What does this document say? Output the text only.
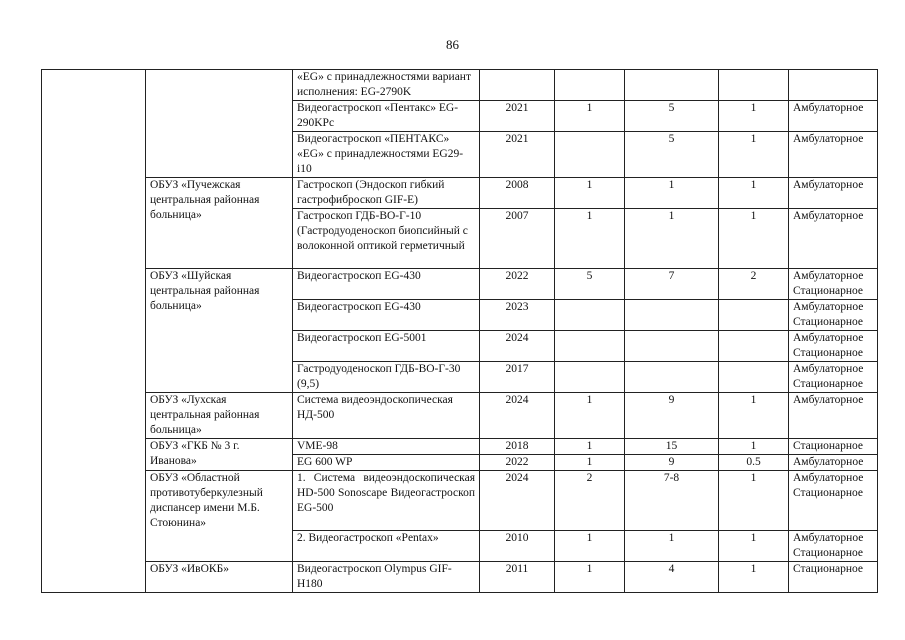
86
		«EG» с принадлежностями вариант исполнения: EG-2790K					
		Видеогастроскоп «Пентакс» EG-290KPc	2021	1	5	1	Амбулаторное
		Видеогастроскоп «ПЕНТАКС» «EG» с принадлежностями EG29-i10	2021		5	1	Амбулаторное
	ОБУЗ «Пучежская центральная районная больница»	Гастроскоп (Эндоскоп гибкий гастрофиброскоп GIF-E)	2008	1	1	1	Амбулаторное
		Гастроскоп ГДБ-ВО-Г-10 (Гастродуоденоскоп биопсийный с волоконной оптикой герметичный	2007	1	1	1	Амбулаторное
	ОБУЗ «Шуйская центральная районная больница»	Видеогастроскоп EG-430	2022	5	7	2	Амбулаторное Стационарное
		Видеогастроскоп EG-430	2023				Амбулаторное Стационарное
		Видеогастроскоп EG-5001	2024				Амбулаторное Стационарное
		Гастродуоденоскоп ГДБ-ВО-Г-30 (9,5)	2017				Амбулаторное Стационарное
	ОБУЗ «Лухская центральная районная больница»	Система видеоэндоскопическая НД-500	2024	1	9	1	Амбулаторное
	ОБУЗ «ГКБ № 3 г. Иванова»	VME-98	2018	1	15	1	Стационарное
		EG 600 WP	2022	1	9	0.5	Амбулаторное
	ОБУЗ «Областной противотуберкулезный диспансер имени М.Б. Стоюнина»	1. Система видеоэндоскопическая HD-500 Sonoscape Видеогастроскоп EG-500	2024	2	7-8	1	Амбулаторное Стационарное
		2. Видеогастроскоп «Pentax»	2010	1	1	1	Амбулаторное Стационарное
	ОБУЗ «ИвОКБ»	Видеогастроскоп Olympus GIF-H180	2011	1	4	1	Стационарное
